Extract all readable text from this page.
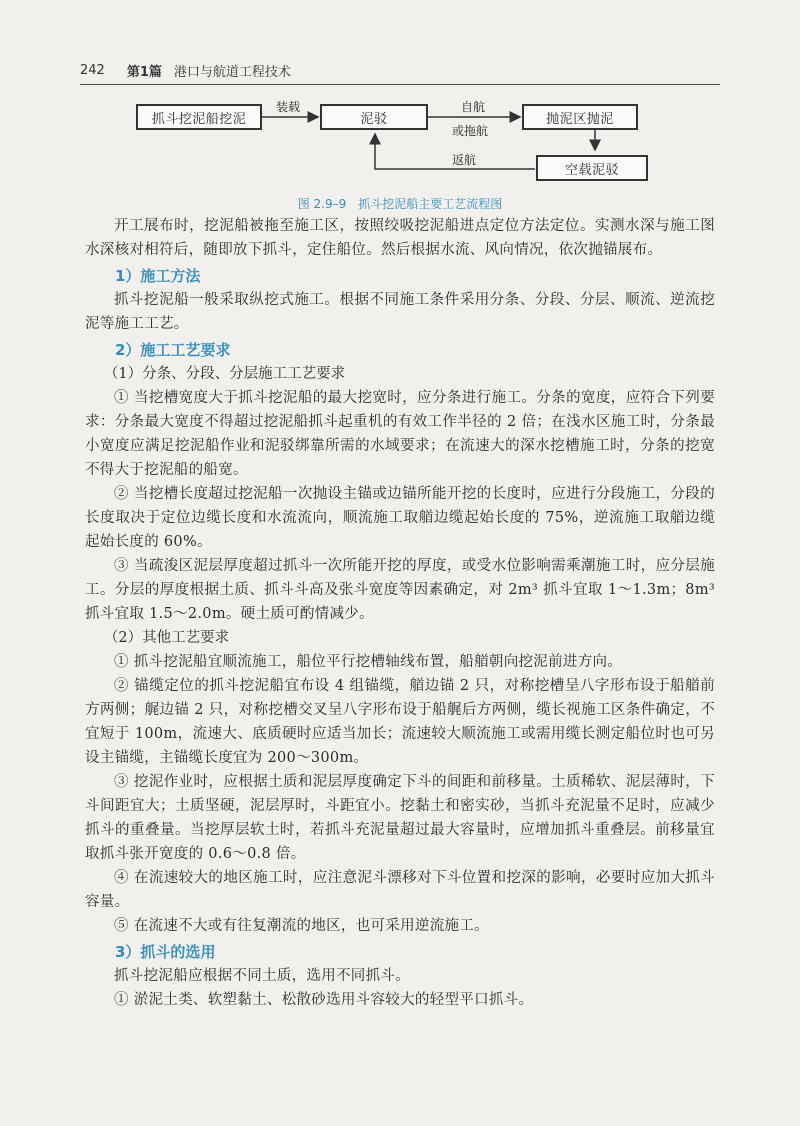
242 第1篇 港口与航道工程技术
抓斗挖泥船挖泥	泥驳	抛泥区抛泥
空载泥驳
装载	自航
或拖航
返航
图 2.9–9　抓斗挖泥船主要工艺流程图

开工展布时，挖泥船被拖至施工区，按照绞吸挖泥船进点定位方法定位。实测水深与施工图水深核对相符后，随即放下抓斗，定住船位。然后根据水流、风向情况，依次抛锚展布。

1）施工方法

抓斗挖泥船一般采取纵挖式施工。根据不同施工条件采用分条、分段、分层、顺流、逆流挖泥等施工工艺。

2）施工工艺要求
（1）分条、分段、分层施工工艺要求

① 当挖槽宽度大于抓斗挖泥船的最大挖宽时，应分条进行施工。分条的宽度，应符合下列要求：分条最大宽度不得超过挖泥船抓斗起重机的有效工作半径的 2 倍；在浅水区施工时，分条最小宽度应满足挖泥船作业和泥驳绑靠所需的水域要求；在流速大的深水挖槽施工时，分条的挖宽不得大于挖泥船的船宽。

② 当挖槽长度超过挖泥船一次抛设主锚或边锚所能开挖的长度时，应进行分段施工，分段的长度取决于定位边缆长度和水流流向，顺流施工取艏边缆起始长度的 75%，逆流施工取艏边缆起始长度的 60%。

③ 当疏浚区泥层厚度超过抓斗一次所能开挖的厚度，或受水位影响需乘潮施工时，应分层施工。分层的厚度根据土质、抓斗斗高及张斗宽度等因素确定，对 2m³ 抓斗宜取 1～1.3m；8m³ 抓斗宜取 1.5～2.0m。硬土质可酌情减少。

（2）其他工艺要求

① 抓斗挖泥船宜顺流施工，船位平行挖槽轴线布置，船艏朝向挖泥前进方向。

② 锚缆定位的抓斗挖泥船宜布设 4 组锚缆，艏边锚 2 只，对称挖槽呈八字形布设于船艏前方两侧；艉边锚 2 只，对称挖槽交叉呈八字形布设于船艉后方两侧，缆长视施工区条件确定，不宜短于 100m，流速大、底质硬时应适当加长；流速较大顺流施工或需用缆长测定船位时也可另设主锚缆，主锚缆长度宜为 200～300m。

③ 挖泥作业时，应根据土质和泥层厚度确定下斗的间距和前移量。土质稀软、泥层薄时，下斗间距宜大；土质坚硬，泥层厚时，斗距宜小。挖黏土和密实砂，当抓斗充泥量不足时，应减少抓斗的重叠量。当挖厚层软土时，若抓斗充泥量超过最大容量时，应增加抓斗重叠层。前移量宜取抓斗张开宽度的 0.6～0.8 倍。

④ 在流速较大的地区施工时，应注意泥斗漂移对下斗位置和挖深的影响，必要时应加大抓斗容量。

⑤ 在流速不大或有往复潮流的地区，也可采用逆流施工。

3）抓斗的选用

抓斗挖泥船应根据不同土质，选用不同抓斗。

① 淤泥土类、软塑黏土、松散砂选用斗容较大的轻型平口抓斗。
